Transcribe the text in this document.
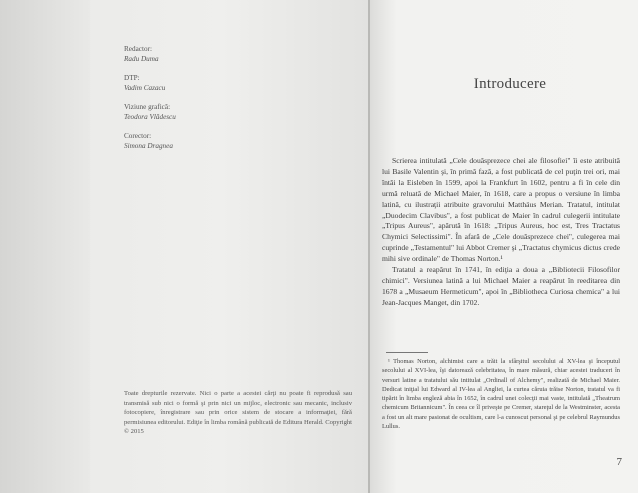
Redactor:
Radu Duma
DTP:
Vadim Cazacu
Viziune grafică:
Teodora Vlădescu
Corector:
Simona Dragnea
Toate drepturile rezervate. Nici o parte a acestei cărţi nu poate fi reprodusă sau transmisă sub nici o formă şi prin nici un mijloc, electronic sau mecanic, inclusiv fotocopiere, înregistrare sau prin orice sistem de stocare a informaţiei, fără permisiunea editorului. Ediţie în limba română publicată de Editura Herald. Copyright © 2015
Introducere

Scrierea intitulată „Cele douăsprezece chei ale filosofiei" îi este atribuită lui Basile Valentin şi, în primă fază, a fost publicată de cel puţin trei ori, mai întâi la Eisleben în 1599, apoi la Frankfurt în 1602, pentru a fi în cele din urmă reluată de Michael Maier, în 1618, care a propus o versiune în limba latină, cu ilustraţii atribuite gravorului Matthäus Merian. Tratatul, intitulat „Duodecim Clavibus", a fost publicat de Maier în cadrul culegerii intitulate „Tripus Aureus", apărută în 1618: „Tripus Aureus, hoc est, Tres Tractatus Chymici Selectissimi". În afară de „Cele douăsprezece chei", culegerea mai cuprinde „Testamentul" lui Abbot Cremer şi „Tractatus chymicus dictus crede mihi sive ordinale" de Thomas Norton.¹

Tratatul a reapărut în 1741, în ediţia a doua a „Bibliotecii Filosofilor chimici". Versiunea latină a lui Michael Maier a reapărut în reeditarea din 1678 a „Musaeum Hermeticum", apoi în „Bibliotheca Curiosa chemica" a lui Jean-Jacques Manget, din 1702.

¹ Thomas Norton, alchimist care a trăit la sfârşitul secolului al XV-lea şi începutul secolului al XVI-lea, îşi datorează celebritatea, în mare măsură, chiar acestei traduceri în versuri latine a tratatului său intitulat „Ordinall of Alchemy", realizată de Michael Maier. Dedicat iniţial lui Edward al IV-lea al Angliei, la curtea căruia trăise Norton, tratatul va fi tipărit în limba engleză abia în 1652, în cadrul unei colecţii mai vaste, intitulată „Theatrum chemicum Britannicum". În ceea ce îl priveşte pe Cremer, stareţul de la Westminster, acesta a fost un alt mare pasionat de ocultism, care l-a cunoscut personal şi pe celebrul Raymundus Lullus.

7
